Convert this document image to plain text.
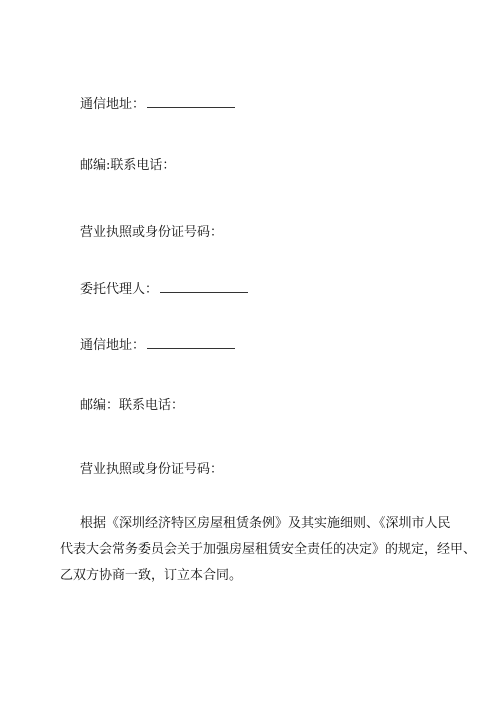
通信地址：
邮编:联系电话：
营业执照或身份证号码：
委托代理人：
通信地址：
邮编：联系电话：
营业执照或身份证号码：
根据《深圳经济特区房屋租赁条例》及其实施细则、《深圳市人民
代表大会常务委员会关于加强房屋租赁安全责任的决定》的规定，经甲、
乙双方协商一致，订立本合同。
